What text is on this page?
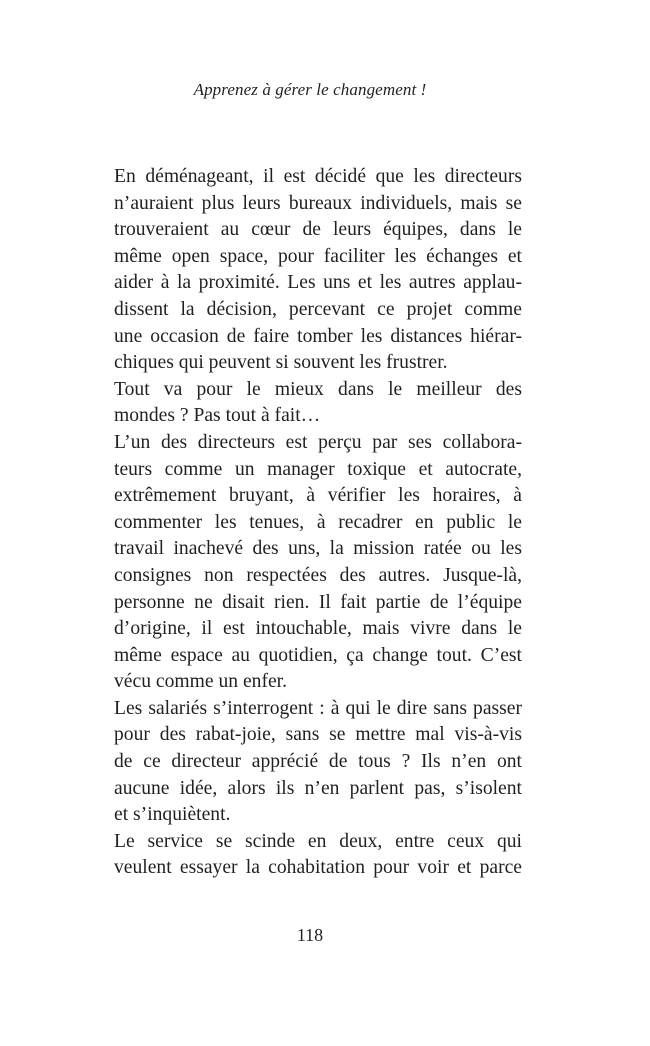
Apprenez à gérer le changement !

En déménageant, il est décidé que les directeurs
n’auraient plus leurs bureaux individuels, mais se
trouveraient au cœur de leurs équipes, dans le
même open space, pour faciliter les échanges et
aider à la proximité. Les uns et les autres applau-
dissent la décision, percevant ce projet comme
une occasion de faire tomber les distances hiérar-
chiques qui peuvent si souvent les frustrer.

Tout va pour le mieux dans le meilleur des
mondes ? Pas tout à fait…

L’un des directeurs est perçu par ses collabora-
teurs comme un manager toxique et autocrate,
extrêmement bruyant, à vérifier les horaires, à
commenter les tenues, à recadrer en public le
travail inachevé des uns, la mission ratée ou les
consignes non respectées des autres. Jusque-là,
personne ne disait rien. Il fait partie de l’équipe
d’origine, il est intouchable, mais vivre dans le
même espace au quotidien, ça change tout. C’est
vécu comme un enfer.

Les salariés s’interrogent : à qui le dire sans passer
pour des rabat-joie, sans se mettre mal vis-à-vis
de ce directeur apprécié de tous ? Ils n’en ont
aucune idée, alors ils n’en parlent pas, s’isolent
et s’inquiètent.

Le service se scinde en deux, entre ceux qui
veulent essayer la cohabitation pour voir et parce

118
